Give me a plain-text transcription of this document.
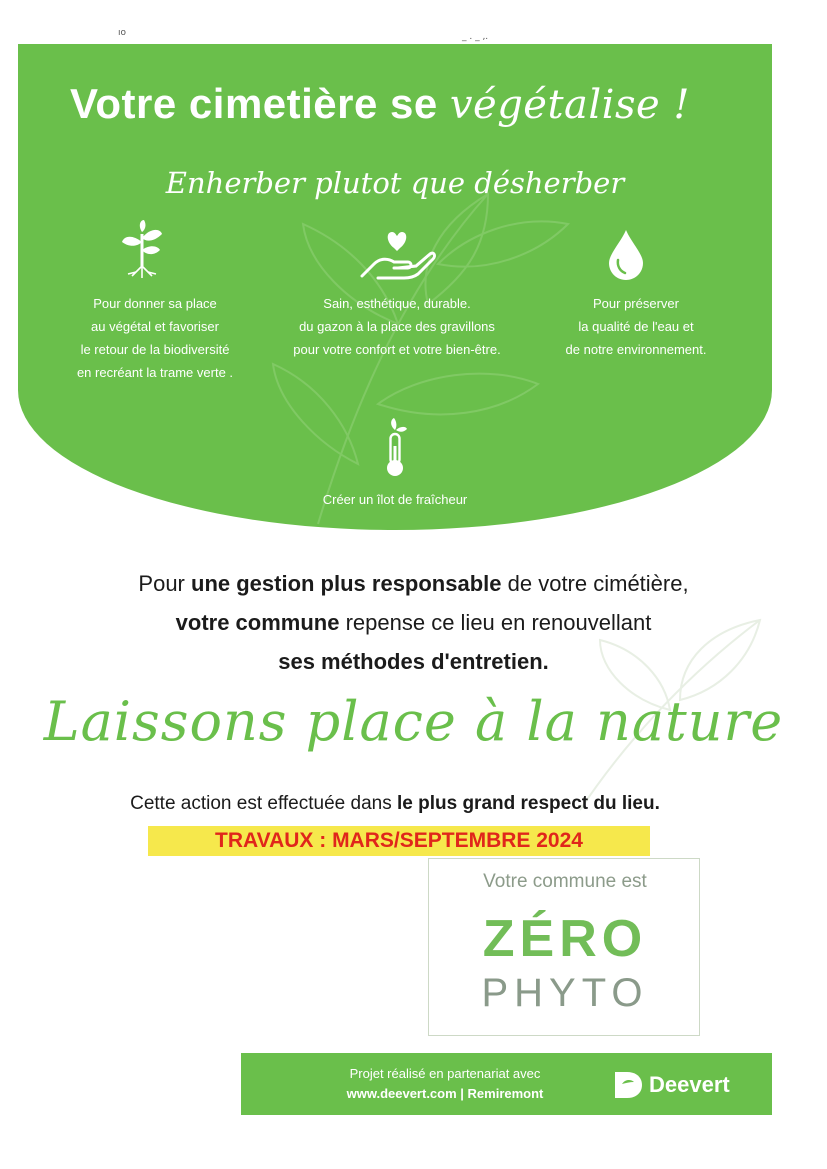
ıo	_ . _ ,.
Votre cimetière se végétalise !
Enherber plutot que désherber
Pour donner sa place
au végétal et favoriser
le retour de la biodiversité
en recréant la trame verte .
Sain, esthétique, durable.
du gazon à la place des gravillons
pour votre confort et votre bien-être.
Pour préserver
la qualité de l'eau et
de notre environnement.
Créer un îlot de fraîcheur
Pour une gestion plus responsable de votre cimétière,
votre commune repense ce lieu en renouvellant
ses méthodes d'entretien.
Laissons place à la nature
Cette action est effectuée dans le plus grand respect du lieu.
TRAVAUX : MARS/SEPTEMBRE 2024
Votre commune est
ZÉRO
PHYTO
Projet réalisé en partenariat avec
www.deevert.com | Remiremont	Deevert
